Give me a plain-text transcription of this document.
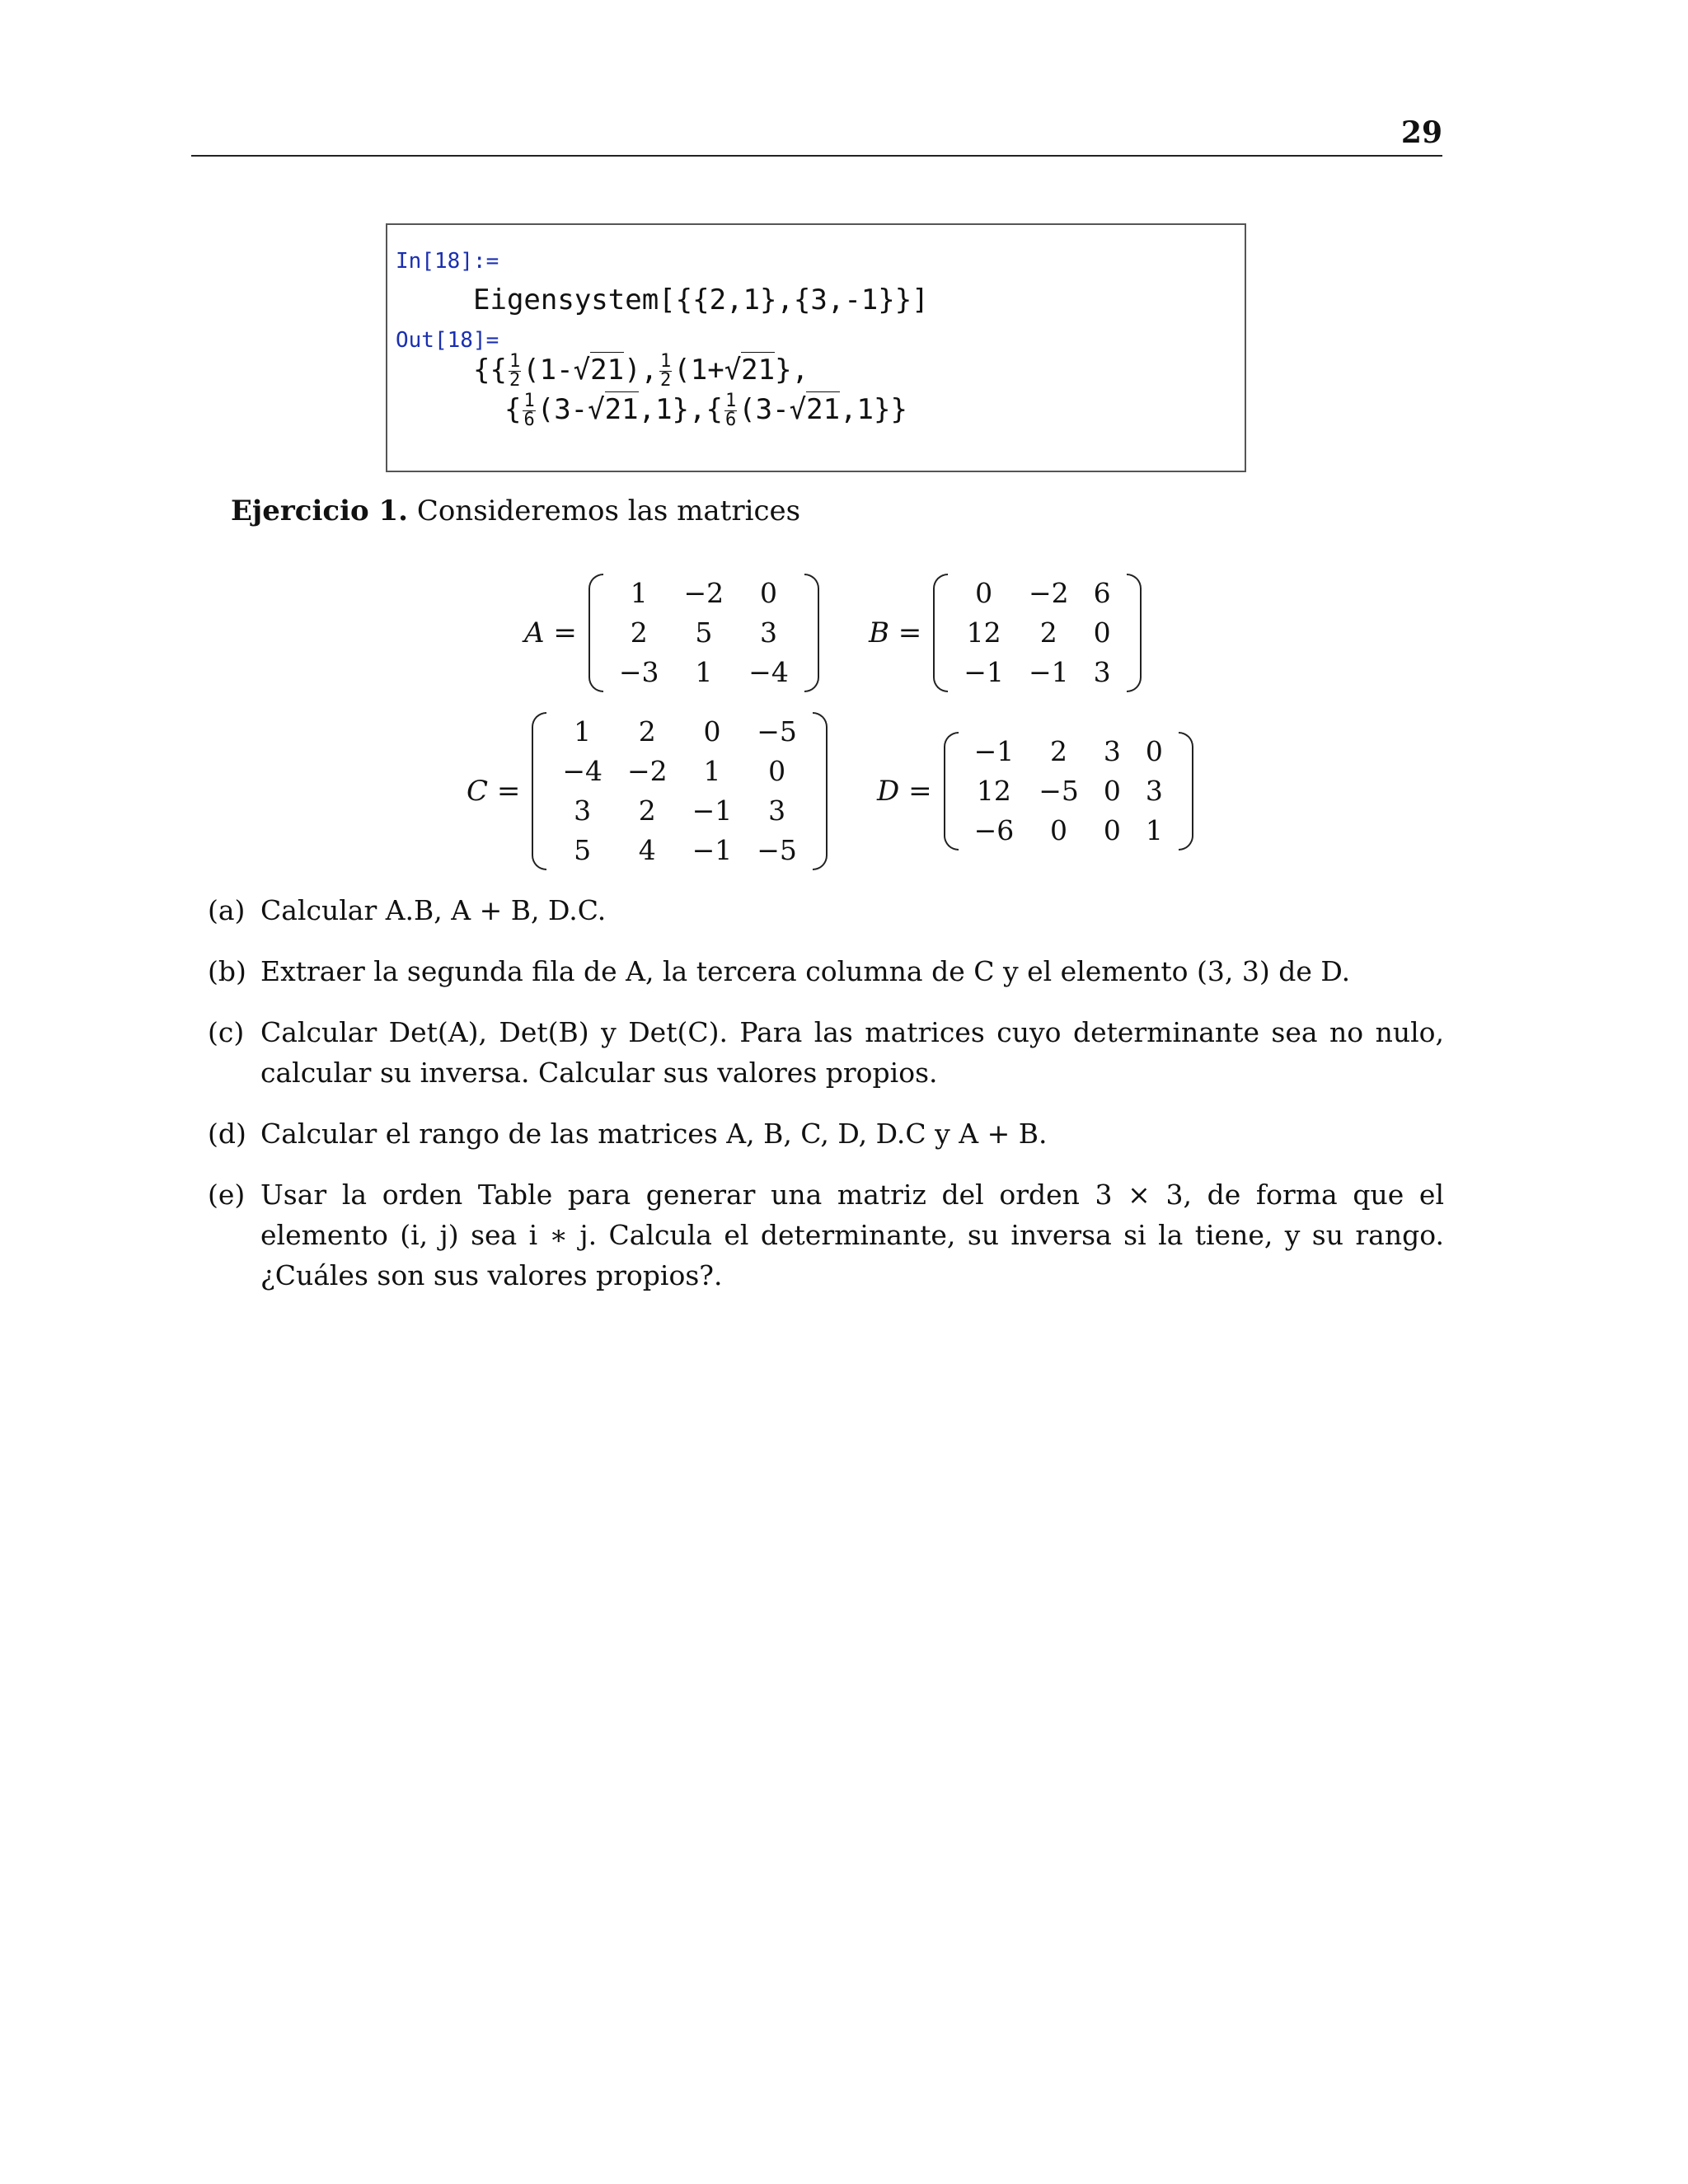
29
In[18]:=
Eigensystem[{{2,1},{3,-1}}]
Out[18]=
{{ $\frac{1}{2} (1-√21)$, $\frac{1}{2} (1+√21\}$,
{ $\frac{1}{6} (3-√21,1\},\{ \frac{1}{6} (3-√21,1\}\}$
Ejercicio 1. Consideremos las matrices
A =
1	−2	0
2	5	3
−3	1	−4
B =
0	−2	6
12	2	0
−1	−1	3
C =
1	2	0	−5
−4	−2	1	0
3	2	−1	3
5	4	−1	−5
D =
−1	2	3	0
12	−5	0	3
−6	0	0	1
(a) Calcular A.B, A + B, D.C.
(b) Extraer la segunda fila de A, la tercera columna de C y el elemento (3, 3) de D.
(c) Calcular Det(A), Det(B) y Det(C). Para las matrices cuyo determinante sea no nulo, calcular su inversa. Calcular sus valores propios.
(d) Calcular el rango de las matrices A, B, C, D, D.C y A + B.
(e) Usar la orden Table para generar una matriz del orden 3 × 3, de forma que el elemento (i, j) sea i ∗ j. Calcula el determinante, su inversa si la tiene, y su rango. ¿Cuáles son sus valores propios?.
